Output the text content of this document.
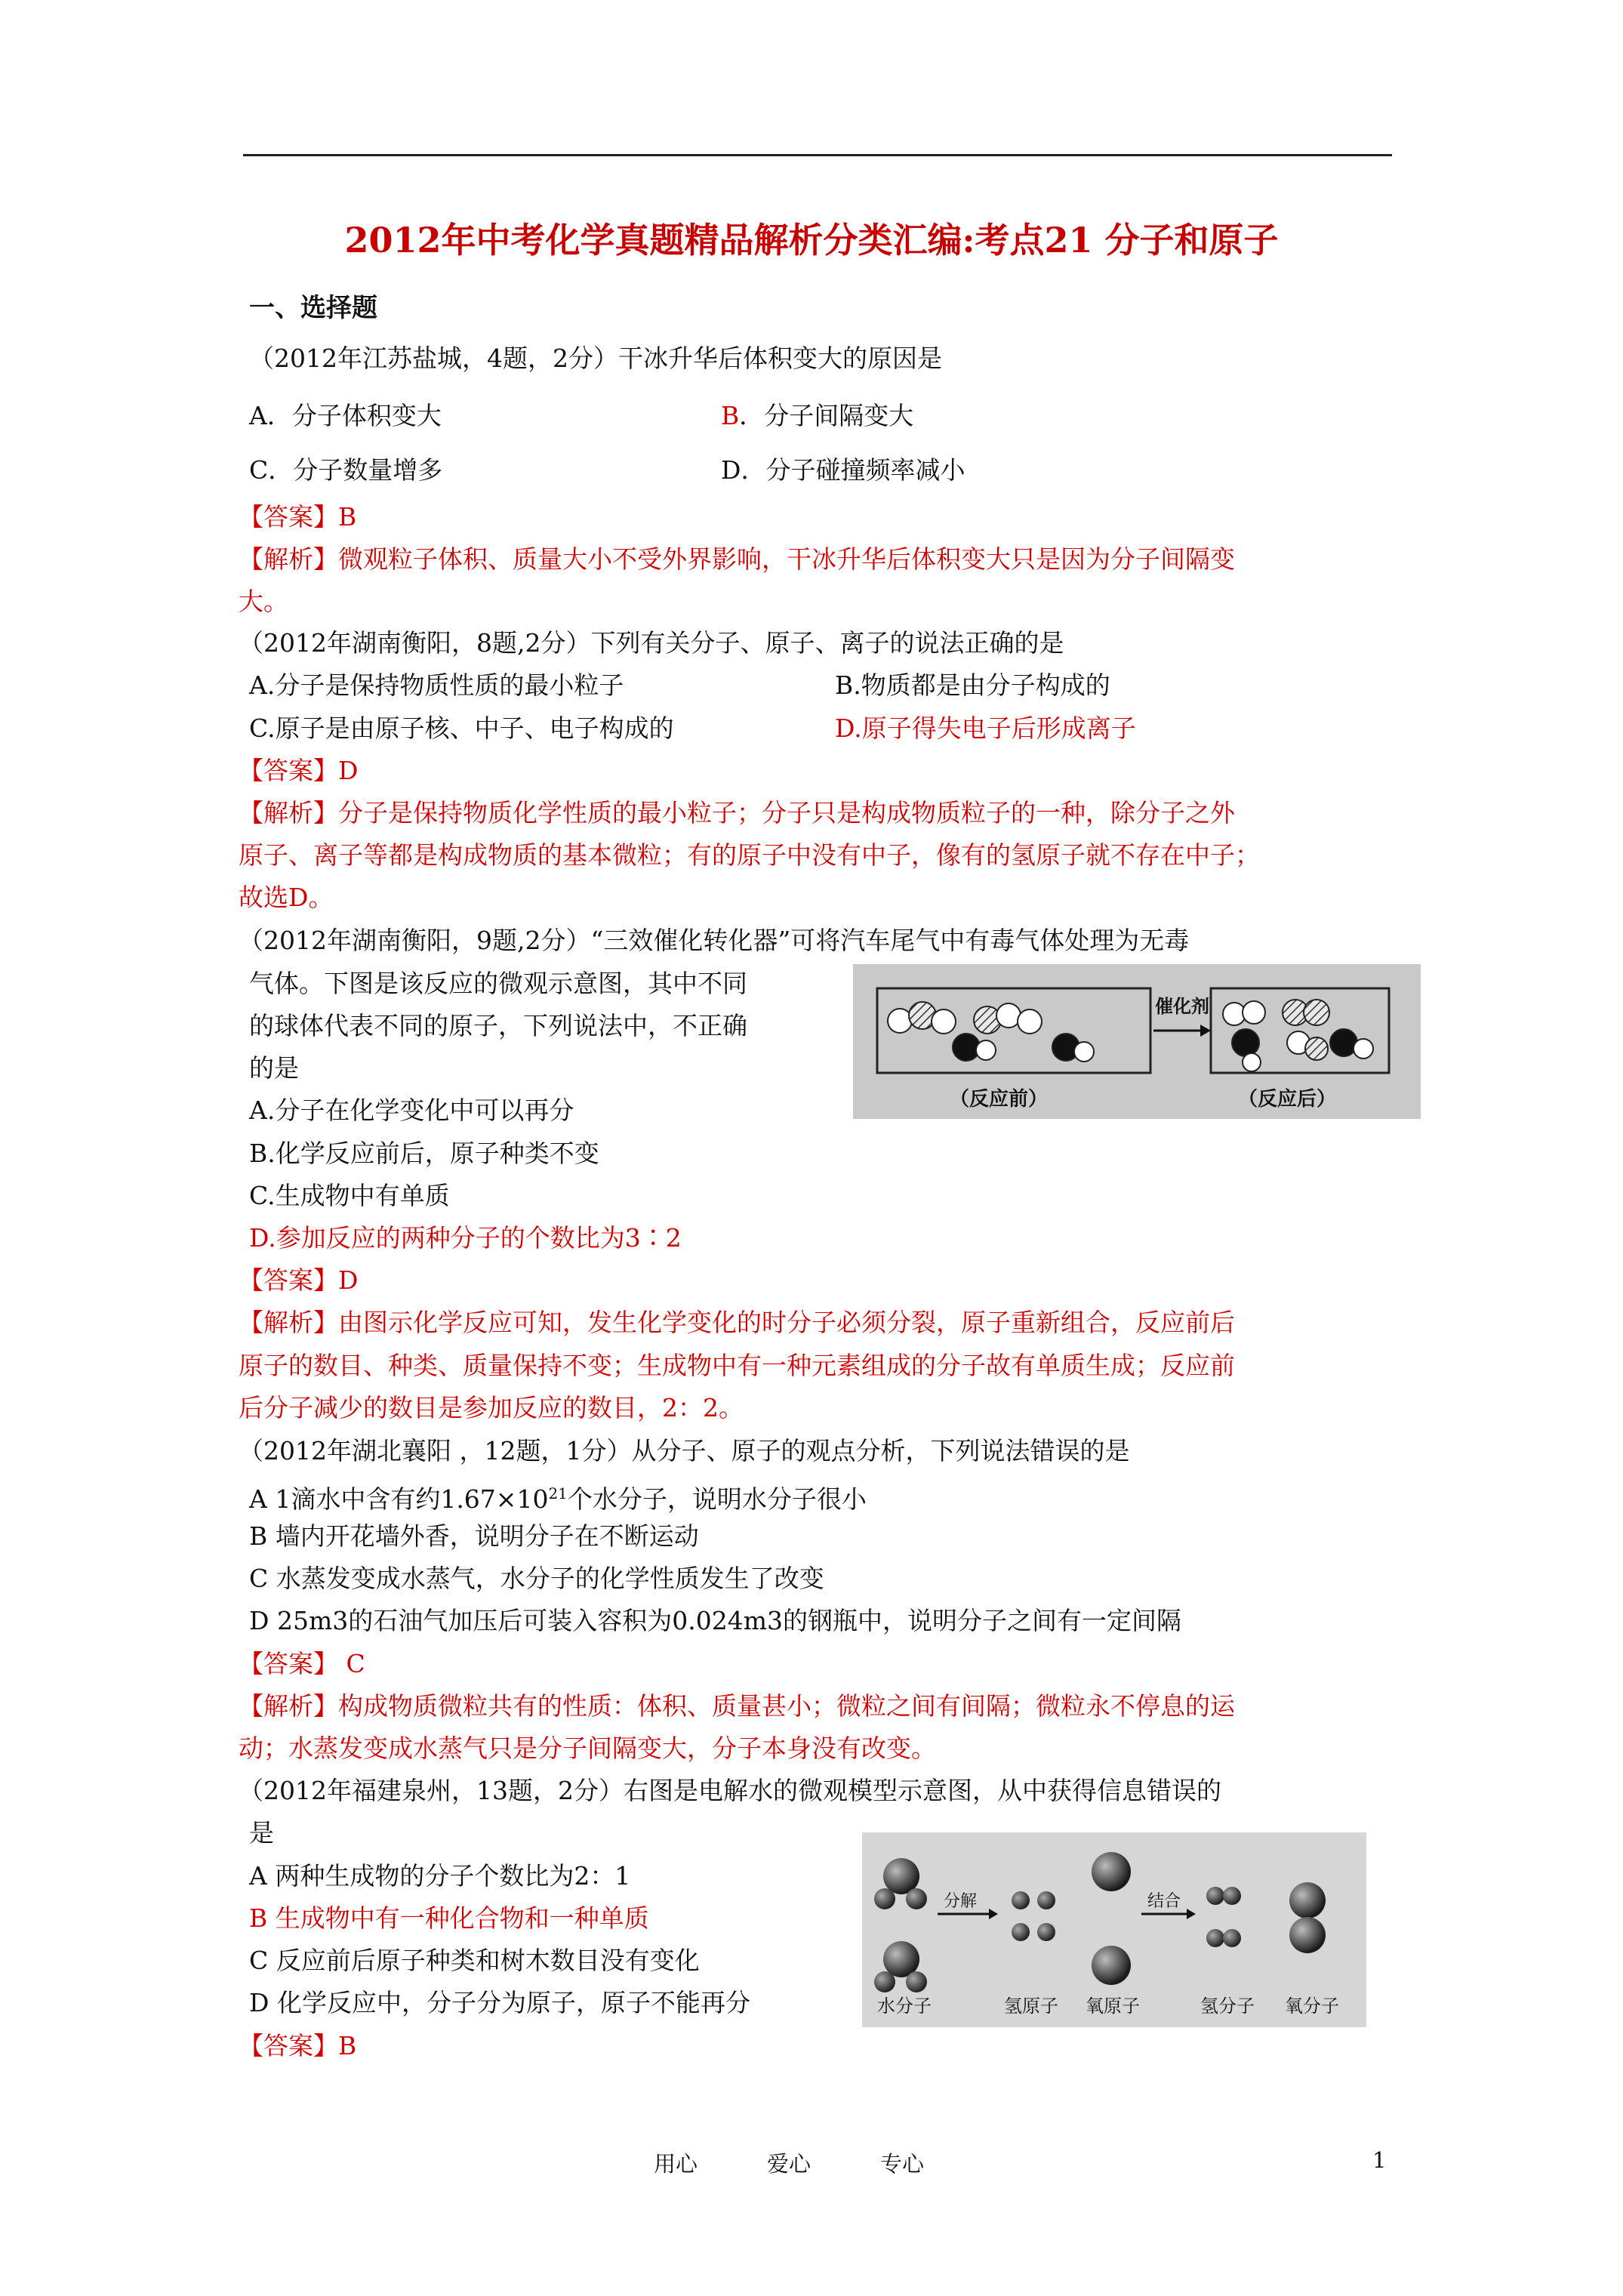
2012年中考化学真题精品解析分类汇编:考点21 分子和原子
一、选择题
（2012年江苏盐城，4题，2分）干冰升华后体积变大的原因是
A．分子体积变大	B．分子间隔变大
C．分子数量增多	D．分子碰撞频率减小
【答案】B
【解析】微观粒子体积、质量大小不受外界影响，干冰升华后体积变大只是因为分子间隔变
大。
（2012年湖南衡阳，8题,2分）下列有关分子、原子、离子的说法正确的是
A.分子是保持物质性质的最小粒子	B.物质都是由分子构成的
C.原子是由原子核、中子、电子构成的	D.原子得失电子后形成离子
【答案】D
【解析】分子是保持物质化学性质的最小粒子；分子只是构成物质粒子的一种，除分子之外
原子、离子等都是构成物质的基本微粒；有的原子中没有中子，像有的氢原子就不存在中子；
故选D。
（2012年湖南衡阳，9题,2分）“三效催化转化器”可将汽车尾气中有毒气体处理为无毒
气体。下图是该反应的微观示意图，其中不同
的球体代表不同的原子，下列说法中，不正确
的是
A.分子在化学变化中可以再分
B.化学反应前后，原子种类不变
C.生成物中有单质
D.参加反应的两种分子的个数比为3∶2
【答案】D
【解析】由图示化学反应可知，发生化学变化的时分子必须分裂，原子重新组合，反应前后
原子的数目、种类、质量保持不变；生成物中有一种元素组成的分子故有单质生成；反应前
后分子减少的数目是参加反应的数目，2：2。
催化剂
（反应前）	（反应后）
（2012年湖北襄阳 ，12题，1分）从分子、原子的观点分析，下列说法错误的是
A 1滴水中含有约$1.67\times 10^{21}$个水分子，说明水分子很小
B 墙内开花墙外香，说明分子在不断运动
C 水蒸发变成水蒸气，水分子的化学性质发生了改变
D 25m3的石油气加压后可装入容积为0.024m3的钢瓶中，说明分子之间有一定间隔
【答案】 C
【解析】构成物质微粒共有的性质：体积、质量甚小；微粒之间有间隔；微粒永不停息的运
动；水蒸发变成水蒸气只是分子间隔变大，分子本身没有改变。
（2012年福建泉州，13题，2分）右图是电解水的微观模型示意图，从中获得信息错误的
是
A 两种生成物的分子个数比为2：1
B 生成物中有一种化合物和一种单质
C 反应前后原子种类和树木数目没有变化
D 化学反应中，分子分为原子，原子不能再分
【答案】B
分解	结合
水分子	氢原子 氧原子	氢分子 氧分子
用心	爱心	专心	1
